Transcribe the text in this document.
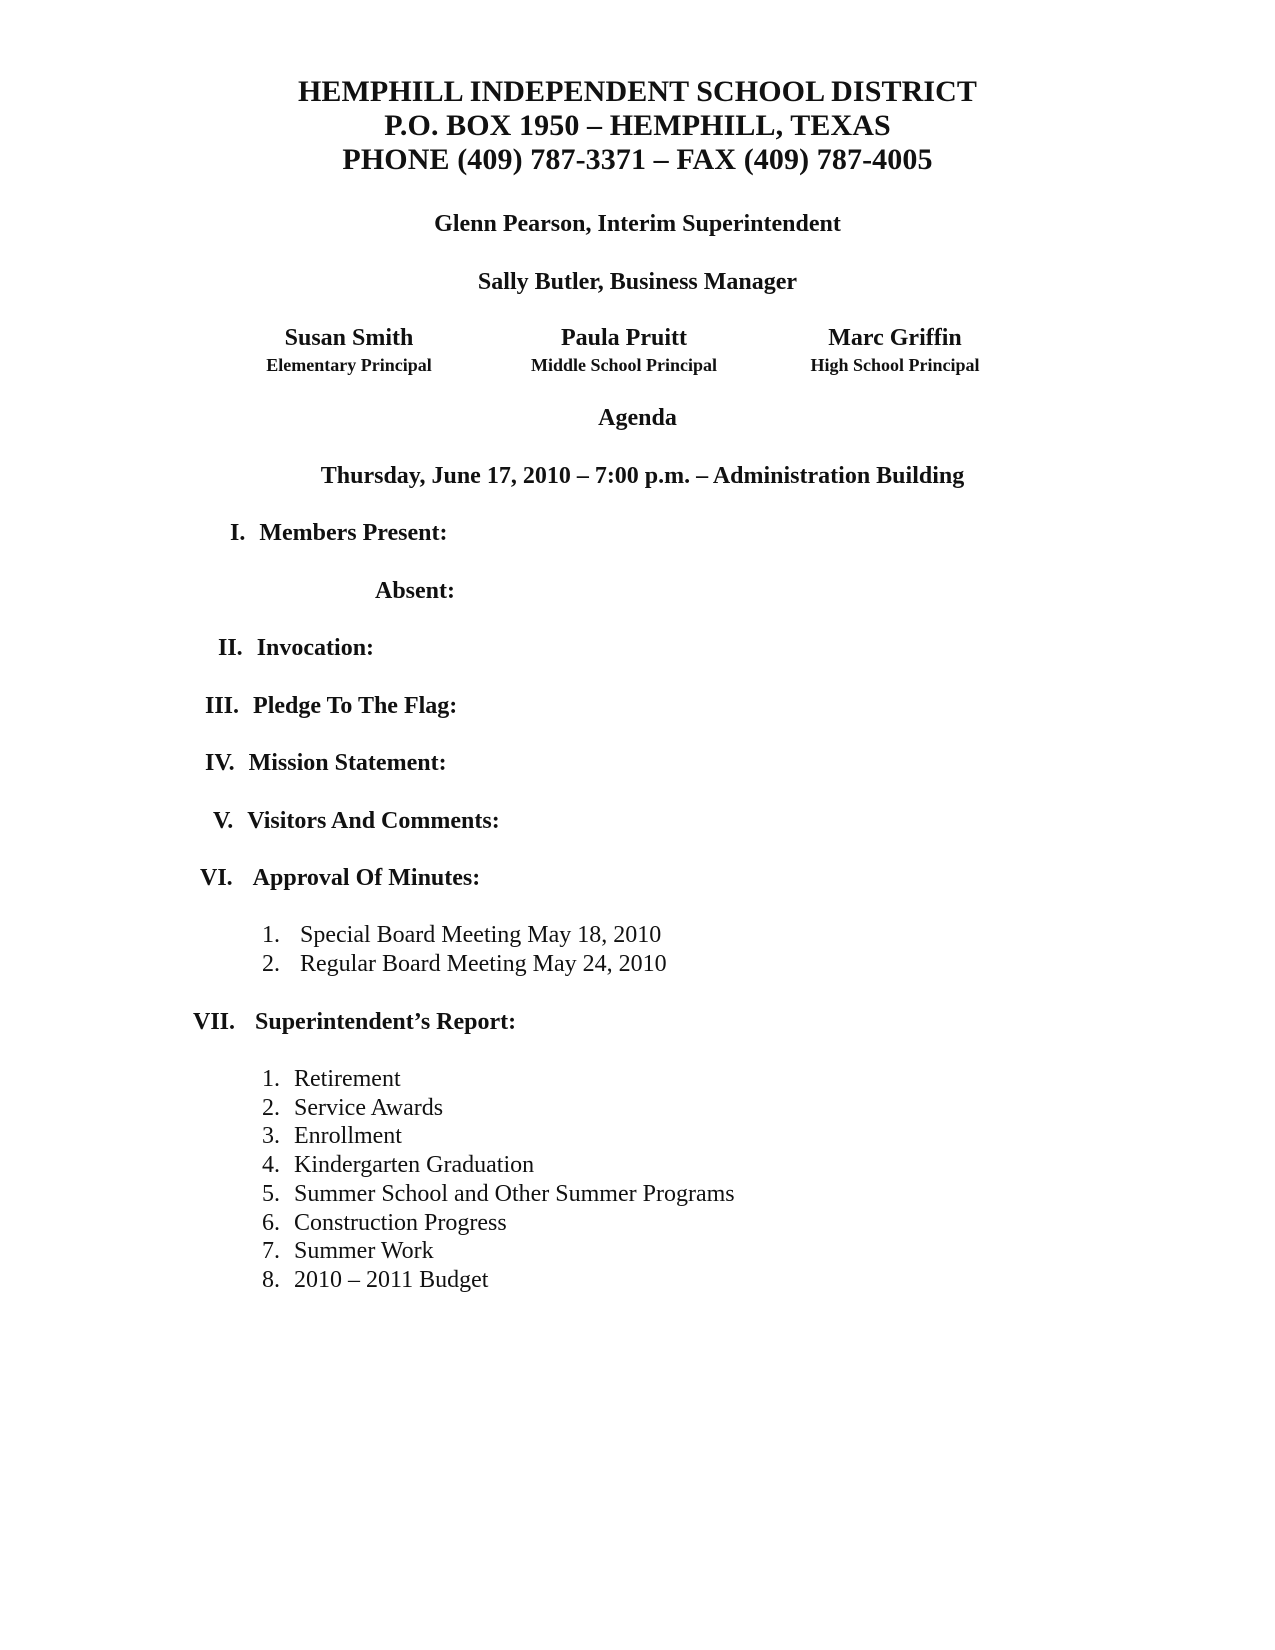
HEMPHILL INDEPENDENT SCHOOL DISTRICT
P.O. BOX 1950 – HEMPHILL, TEXAS
PHONE (409) 787-3371 – FAX (409) 787-4005
Glenn Pearson, Interim Superintendent
Sally Butler, Business Manager
Susan Smith
Elementary Principal
Paula Pruitt
Middle School Principal
Marc Griffin
High School Principal
Agenda
Thursday, June 17, 2010 – 7:00 p.m. – Administration Building
I. Members Present:
Absent:
II. Invocation:
III. Pledge To The Flag:
IV. Mission Statement:
V. Visitors And Comments:
VI. Approval Of Minutes:
1. Special Board Meeting May 18, 2010
2. Regular Board Meeting May 24, 2010
VII. Superintendent’s Report:
1. Retirement
2. Service Awards
3. Enrollment
4. Kindergarten Graduation
5. Summer School and Other Summer Programs
6. Construction Progress
7. Summer Work
8. 2010 – 2011 Budget
